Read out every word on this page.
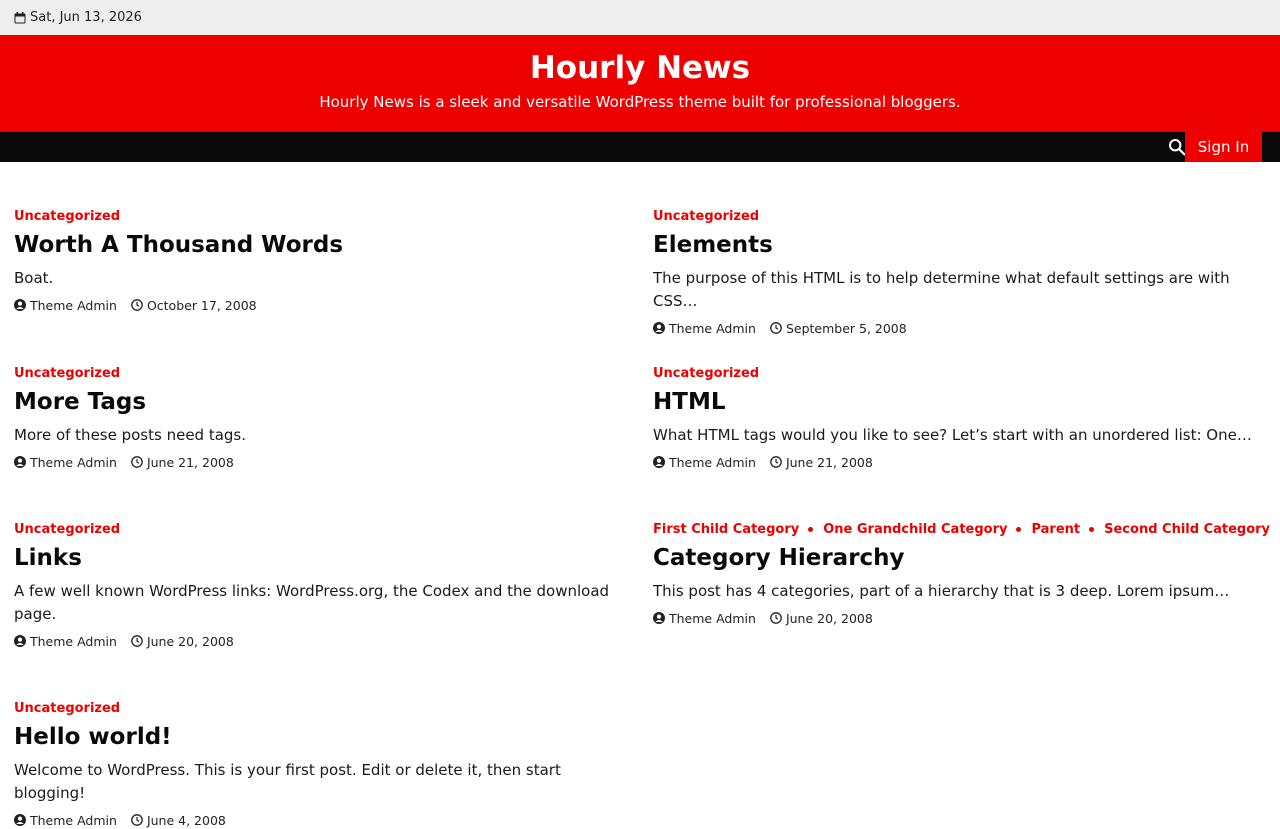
Sat, Jun 13, 2026
Hourly News
Hourly News is a sleek and versatile WordPress theme built for professional bloggers.
Sign In
Uncategorized
Worth A Thousand Words
Boat.
Theme Admin October 17, 2008
Uncategorized
Elements
The purpose of this HTML is to help determine what default settings are with CSS…
Theme Admin September 5, 2008
Uncategorized
More Tags
More of these posts need tags.
Theme Admin June 21, 2008
Uncategorized
HTML
What HTML tags would you like to see? Let’s start with an unordered list: One…
Theme Admin June 21, 2008
Uncategorized
Links
A few well known WordPress links: WordPress.org, the Codex and the download page.
Theme Admin June 20, 2008
First Child Category One Grandchild Category Parent Second Child Category
Category Hierarchy
This post has 4 categories, part of a hierarchy that is 3 deep. Lorem ipsum…
Theme Admin June 20, 2008
Uncategorized
Hello world!
Welcome to WordPress. This is your first post. Edit or delete it, then start blogging!
Theme Admin June 4, 2008
